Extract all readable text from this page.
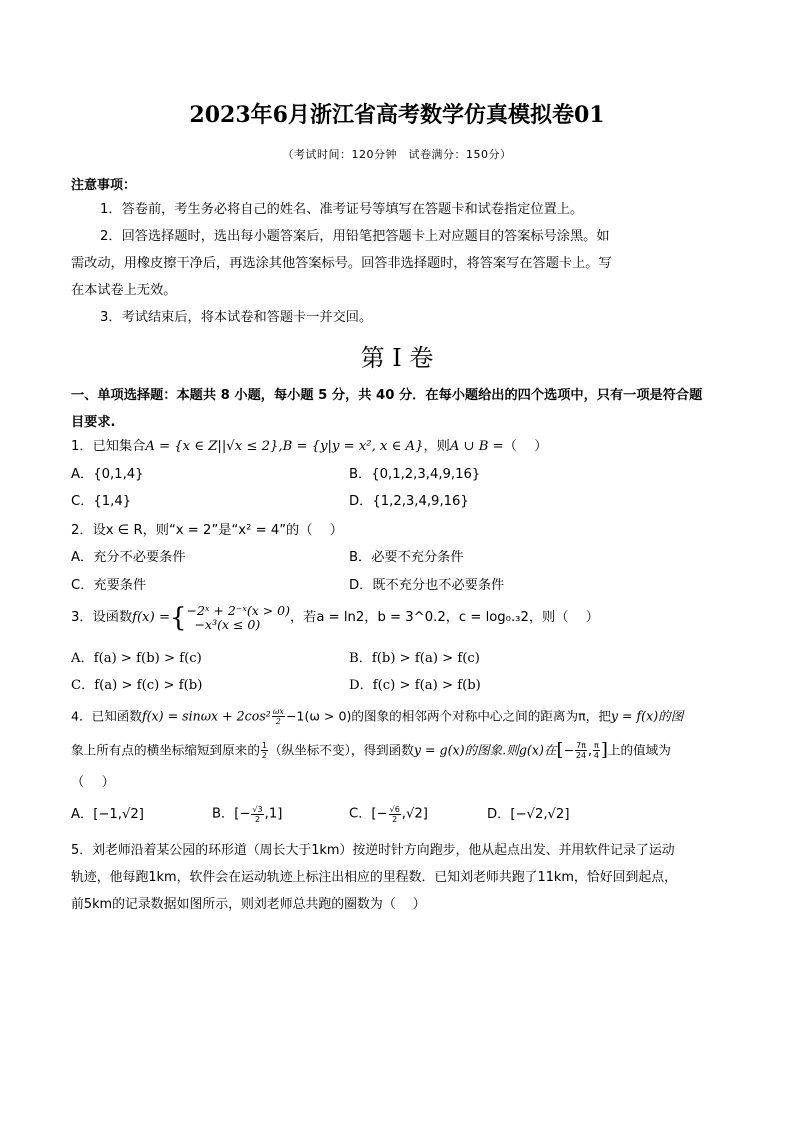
2023年6月浙江省高考数学仿真模拟卷01
（考试时间：120分钟　试卷满分：150分）
注意事项：
1．答卷前，考生务必将自己的姓名、准考证号等填写在答题卡和试卷指定位置上。
2．回答选择题时，选出每小题答案后，用铅笔把答题卡上对应题目的答案标号涂黑。如
需改动，用橡皮擦干净后，再选涂其他答案标号。回答非选择题时，将答案写在答题卡上。写
在本试卷上无效。
3．考试结束后，将本试卷和答题卡一并交回。
第 I 卷
一、单项选择题：本题共 8 小题，每小题 5 分，共 40 分．在每小题给出的四个选项中，只有一项是符合题
目要求.
1．已知集合A = {x ∈ Z||√x ≤ 2},B = {y|y = x², x ∈ A}，则A ∪ B =（　 ）
A．{0,1,4}	B．{0,1,2,3,4,9,16}
C．{1,4}	D．{1,2,3,4,9,16}
2．设x ∈ R，则“x = 2”是“x² = 4”的（　 ）
A．充分不必要条件	B．必要不充分条件
C．充要条件	D．既不充分也不必要条件
3．设函数f(x) ={ −2ˣ + 2⁻ˣ(x > 0)
−x³(x ≤ 0)	，若a = ln2，b = 3^0.2，c = log₀.₃2，则（　 ）
A．f(a) > f(b) > f(c)	B．f(b) > f(a) > f(c)
C．f(a) > f(c) > f(b)	D．f(c) > f(a) > f(b)
4．已知函数$f(x) = \sin\omega x + 2\cos^2 \frac{\omega x}{2} -1(\omega > 0)$的图象的相邻两个对称中心之间的距离为π，把y = f(x)的图
象上所有点的横坐标缩短到原来的 $\frac{1}{2}$ （纵坐标不变），得到函数y = g(x)的图象.则g(x)在[− $\frac{7\pi}{24}$ , $\frac{\pi}{4}$ ]上的值域为
（　 ）
A．[−1,√2]	B．[− $\frac{√3}{2} ,1$]	C．[− $\frac{√6}{2} ,√2$]	D．[−√2,√2]
5．刘老师沿着某公园的环形道（周长大于1km）按逆时针方向跑步，他从起点出发、并用软件记录了运动
轨迹，他每跑1km，软件会在运动轨迹上标注出相应的里程数．已知刘老师共跑了11km，恰好回到起点，
前5km的记录数据如图所示，则刘老师总共跑的圈数为（　 ）
